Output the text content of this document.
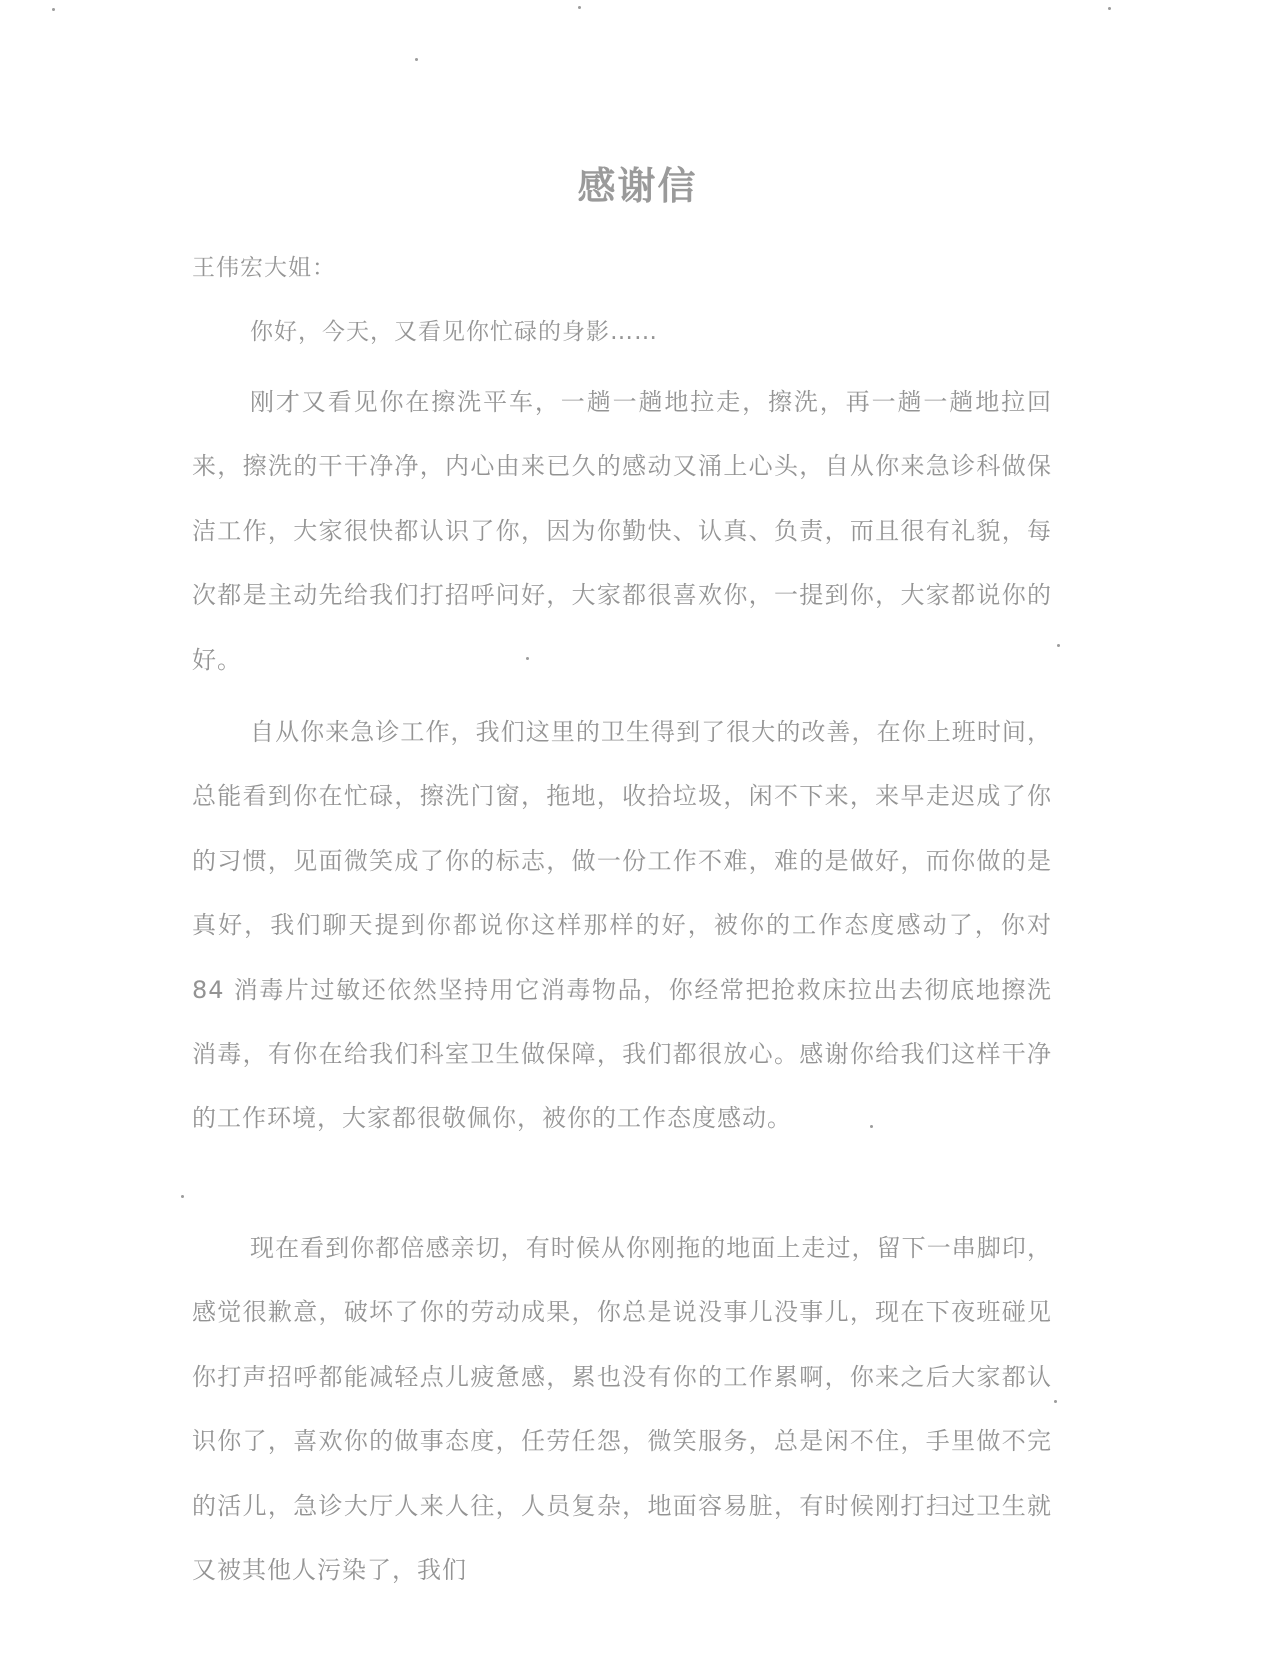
感谢信
王伟宏大姐：
你好，今天，又看见你忙碌的身影……

刚才又看见你在擦洗平车，一趟一趟地拉走，擦洗，再一趟一趟地拉回来，擦洗的干干净净，内心由来已久的感动又涌上心头，自从你来急诊科做保洁工作，大家很快都认识了你，因为你勤快、认真、负责，而且很有礼貌，每次都是主动先给我们打招呼问好，大家都很喜欢你，一提到你，大家都说你的好。

自从你来急诊工作，我们这里的卫生得到了很大的改善，在你上班时间，总能看到你在忙碌，擦洗门窗，拖地，收拾垃圾，闲不下来，来早走迟成了你的习惯，见面微笑成了你的标志，做一份工作不难，难的是做好，而你做的是真好，我们聊天提到你都说你这样那样的好，被你的工作态度感动了，你对 84 消毒片过敏还依然坚持用它消毒物品，你经常把抢救床拉出去彻底地擦洗消毒，有你在给我们科室卫生做保障，我们都很放心。感谢你给我们这样干净的工作环境，大家都很敬佩你，被你的工作态度感动。

现在看到你都倍感亲切，有时候从你刚拖的地面上走过，留下一串脚印，感觉很歉意，破坏了你的劳动成果，你总是说没事儿没事儿，现在下夜班碰见你打声招呼都能减轻点儿疲惫感，累也没有你的工作累啊，你来之后大家都认识你了，喜欢你的做事态度，任劳任怨，微笑服务，总是闲不住，手里做不完的活儿，急诊大厅人来人往，人员复杂，地面容易脏，有时候刚打扫过卫生就又被其他人污染了，我们
